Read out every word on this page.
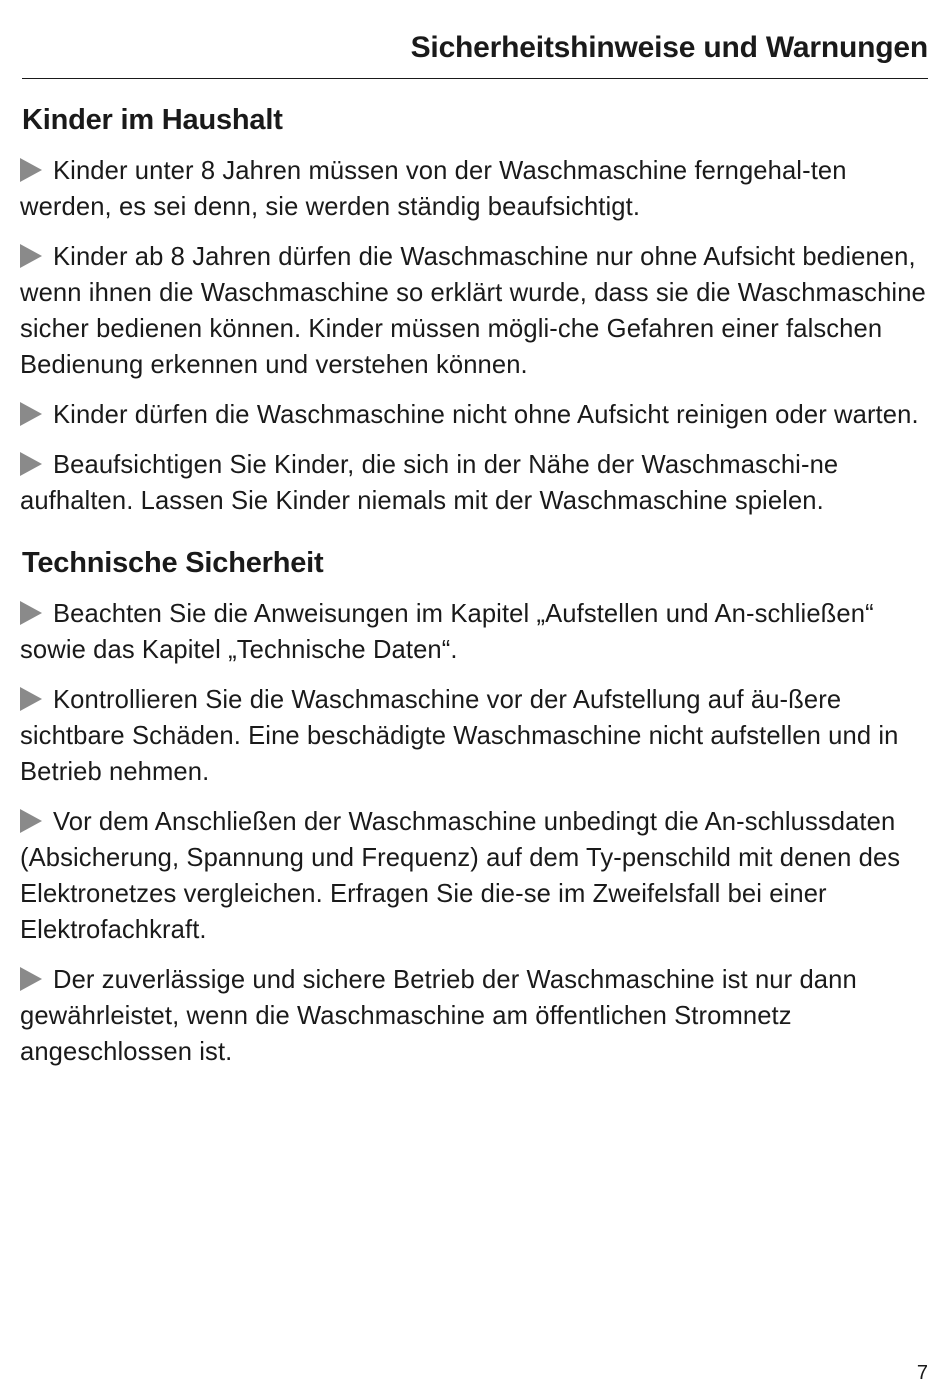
Sicherheitshinweise und Warnungen
Kinder im Haushalt

Kinder unter 8 Jahren müssen von der Waschmaschine ferngehal-ten werden, es sei denn, sie werden ständig beaufsichtigt.

Kinder ab 8 Jahren dürfen die Waschmaschine nur ohne Aufsicht bedienen, wenn ihnen die Waschmaschine so erklärt wurde, dass sie die Waschmaschine sicher bedienen können. Kinder müssen mögli-che Gefahren einer falschen Bedienung erkennen und verstehen können.

Kinder dürfen die Waschmaschine nicht ohne Aufsicht reinigen oder warten.

Beaufsichtigen Sie Kinder, die sich in der Nähe der Waschmaschi-ne aufhalten. Lassen Sie Kinder niemals mit der Waschmaschine spielen.

Technische Sicherheit

Beachten Sie die Anweisungen im Kapitel „Aufstellen und An-schließen“ sowie das Kapitel „Technische Daten“.

Kontrollieren Sie die Waschmaschine vor der Aufstellung auf äu-ßere sichtbare Schäden. Eine beschädigte Waschmaschine nicht aufstellen und in Betrieb nehmen.

Vor dem Anschließen der Waschmaschine unbedingt die An-schlussdaten (Absicherung, Spannung und Frequenz) auf dem Ty-penschild mit denen des Elektronetzes vergleichen. Erfragen Sie die-se im Zweifelsfall bei einer Elektrofachkraft.

Der zuverlässige und sichere Betrieb der Waschmaschine ist nur dann gewährleistet, wenn die Waschmaschine am öffentlichen Stromnetz angeschlossen ist.

7
